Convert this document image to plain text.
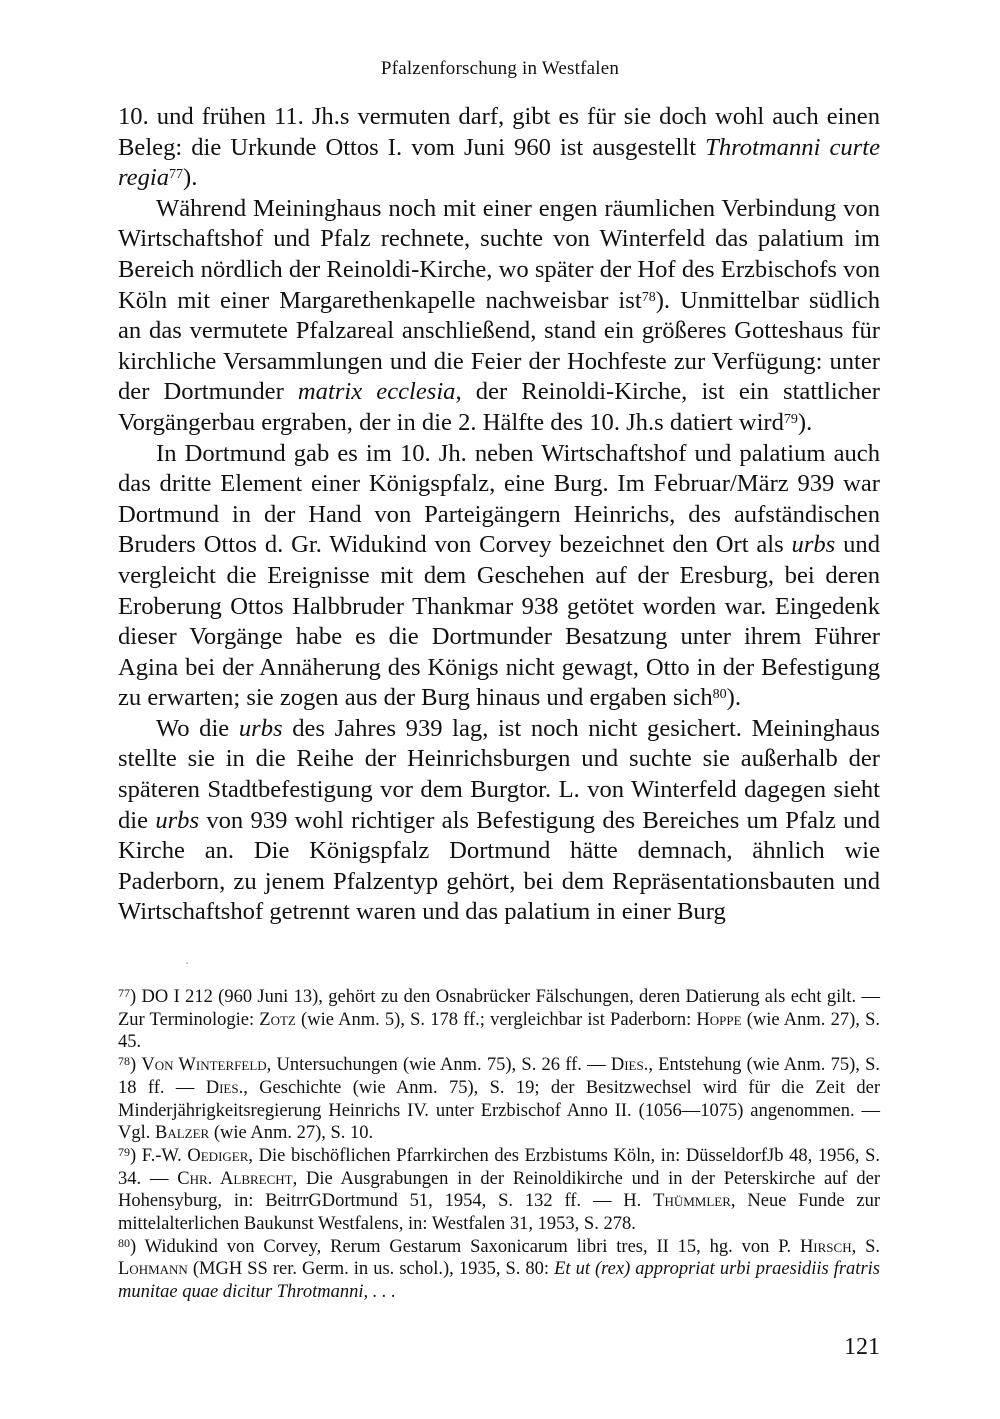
Pfalzenforschung in Westfalen

10. und frühen 11. Jh.s vermuten darf, gibt es für sie doch wohl auch einen Beleg: die Urkunde Ottos I. vom Juni 960 ist ausgestellt Throtmanni curte regia$^{77}$).

Während Meininghaus noch mit einer engen räumlichen Verbindung von Wirtschaftshof und Pfalz rechnete, suchte von Winterfeld das palatium im Bereich nördlich der Reinoldi-Kirche, wo später der Hof des Erzbischofs von Köln mit einer Margarethenkapelle nachweisbar ist$^{78}$). Unmittelbar südlich an das vermutete Pfalzareal anschließend, stand ein größeres Gotteshaus für kirchliche Versammlungen und die Feier der Hochfeste zur Verfügung: unter der Dortmunder matrix ecclesia, der Reinoldi-Kirche, ist ein stattlicher Vorgängerbau ergraben, der in die 2. Hälfte des 10. Jh.s datiert wird$^{79}$).

In Dortmund gab es im 10. Jh. neben Wirtschaftshof und palatium auch das dritte Element einer Königspfalz, eine Burg. Im Februar/März 939 war Dortmund in der Hand von Parteigängern Heinrichs, des aufständischen Bruders Ottos d. Gr. Widukind von Corvey bezeichnet den Ort als urbs und vergleicht die Ereignisse mit dem Geschehen auf der Eresburg, bei deren Eroberung Ottos Halbbruder Thankmar 938 getötet worden war. Eingedenk dieser Vorgänge habe es die Dortmunder Besatzung unter ihrem Führer Agina bei der Annäherung des Königs nicht gewagt, Otto in der Befestigung zu erwarten; sie zogen aus der Burg hinaus und ergaben sich$^{80}$).

Wo die urbs des Jahres 939 lag, ist noch nicht gesichert. Meininghaus stellte sie in die Reihe der Heinrichsburgen und suchte sie außerhalb der späteren Stadtbefestigung vor dem Burgtor. L. von Winterfeld dagegen sieht die urbs von 939 wohl richtiger als Befestigung des Bereiches um Pfalz und Kirche an. Die Königspfalz Dortmund hätte demnach, ähnlich wie Paderborn, zu jenem Pfalzentyp gehört, bei dem Repräsentationsbauten und Wirtschaftshof getrennt waren und das palatium in einer Burg

$^{77}$) DO I 212 (960 Juni 13), gehört zu den Osnabrücker Fälschungen, deren Datierung als echt gilt. — Zur Terminologie: Zotz (wie Anm. 5), S. 178 ff.; vergleichbar ist Paderborn: Hoppe (wie Anm. 27), S. 45.

$^{78}$) Von Winterfeld, Untersuchungen (wie Anm. 75), S. 26 ff. — Dies., Entstehung (wie Anm. 75), S. 18 ff. — Dies., Geschichte (wie Anm. 75), S. 19; der Besitzwechsel wird für die Zeit der Minderjährigkeitsregierung Heinrichs IV. unter Erzbischof Anno II. (1056—1075) angenommen. — Vgl. Balzer (wie Anm. 27), S. 10.

$^{79}$) F.-W. Oediger, Die bischöflichen Pfarrkirchen des Erzbistums Köln, in: DüsseldorfJb 48, 1956, S. 34. — Chr. Albrecht, Die Ausgrabungen in der Reinoldikirche und in der Peterskirche auf der Hohensyburg, in: BeitrrGDortmund 51, 1954, S. 132 ff. — H. Thümmler, Neue Funde zur mittelalterlichen Baukunst Westfalens, in: Westfalen 31, 1953, S. 278.

$^{80}$) Widukind von Corvey, Rerum Gestarum Saxonicarum libri tres, II 15, hg. von P. Hirsch, S. Lohmann (MGH SS rer. Germ. in us. schol.), 1935, S. 80: Et ut (rex) appropriat urbi praesidiis fratris munitae quae dicitur Throtmanni, . . .

121
